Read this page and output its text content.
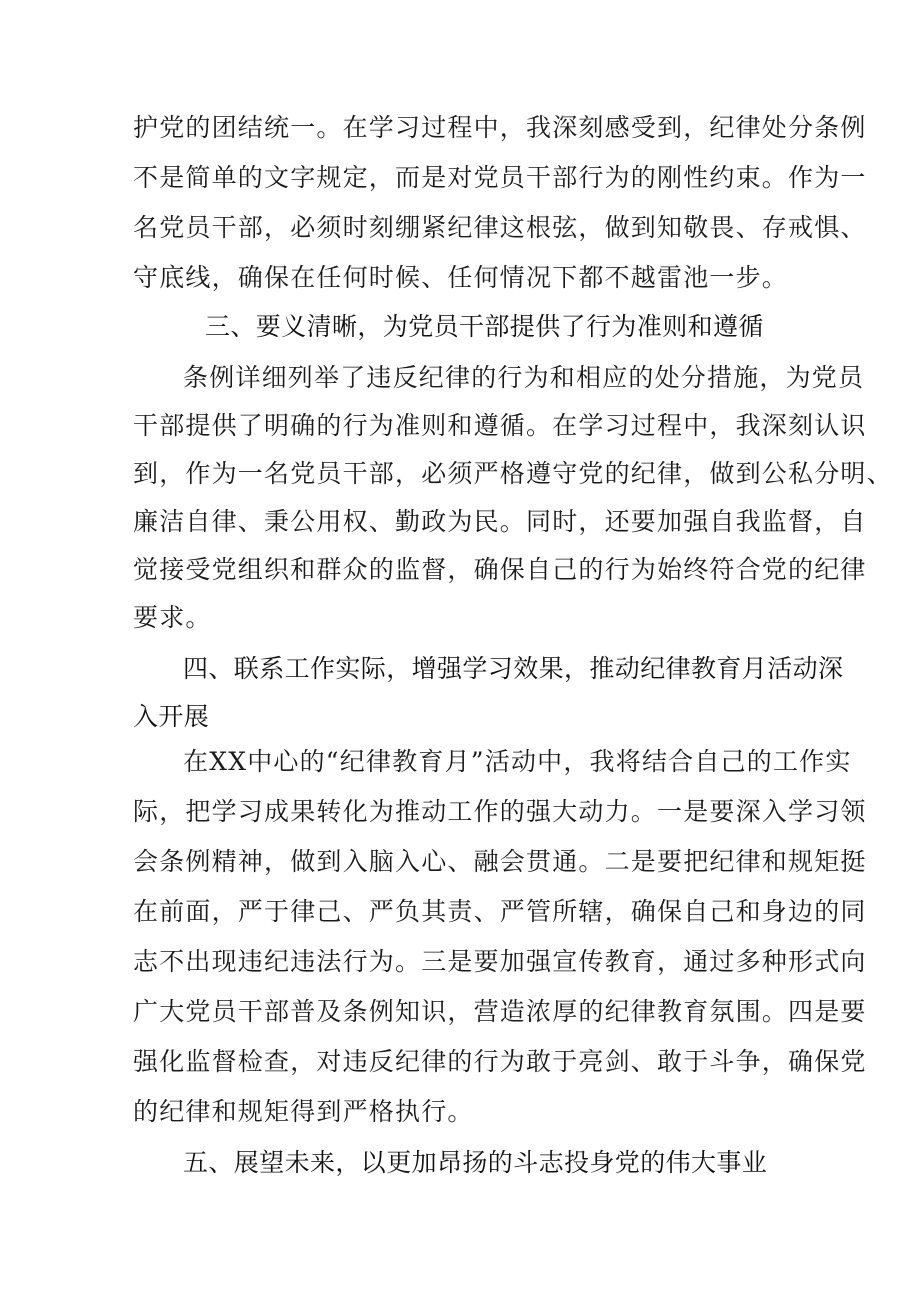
护党的团结统一。在学习过程中，我深刻感受到，纪律处分条例
不是简单的文字规定，而是对党员干部行为的刚性约束。作为一
名党员干部，必须时刻绷紧纪律这根弦，做到知敬畏、存戒惧、
守底线，确保在任何时候、任何情况下都不越雷池一步。
三、要义清晰，为党员干部提供了行为准则和遵循
条例详细列举了违反纪律的行为和相应的处分措施，为党员
干部提供了明确的行为准则和遵循。在学习过程中，我深刻认识
到，作为一名党员干部，必须严格遵守党的纪律，做到公私分明、
廉洁自律、秉公用权、勤政为民。同时，还要加强自我监督，自
觉接受党组织和群众的监督，确保自己的行为始终符合党的纪律
要求。
四、联系工作实际，增强学习效果，推动纪律教育月活动深
入开展
在XX中心的“纪律教育月”活动中，我将结合自己的工作实
际，把学习成果转化为推动工作的强大动力。一是要深入学习领
会条例精神，做到入脑入心、融会贯通。二是要把纪律和规矩挺
在前面，严于律己、严负其责、严管所辖，确保自己和身边的同
志不出现违纪违法行为。三是要加强宣传教育，通过多种形式向
广大党员干部普及条例知识，营造浓厚的纪律教育氛围。四是要
强化监督检查，对违反纪律的行为敢于亮剑、敢于斗争，确保党
的纪律和规矩得到严格执行。
五、展望未来，以更加昂扬的斗志投身党的伟大事业
